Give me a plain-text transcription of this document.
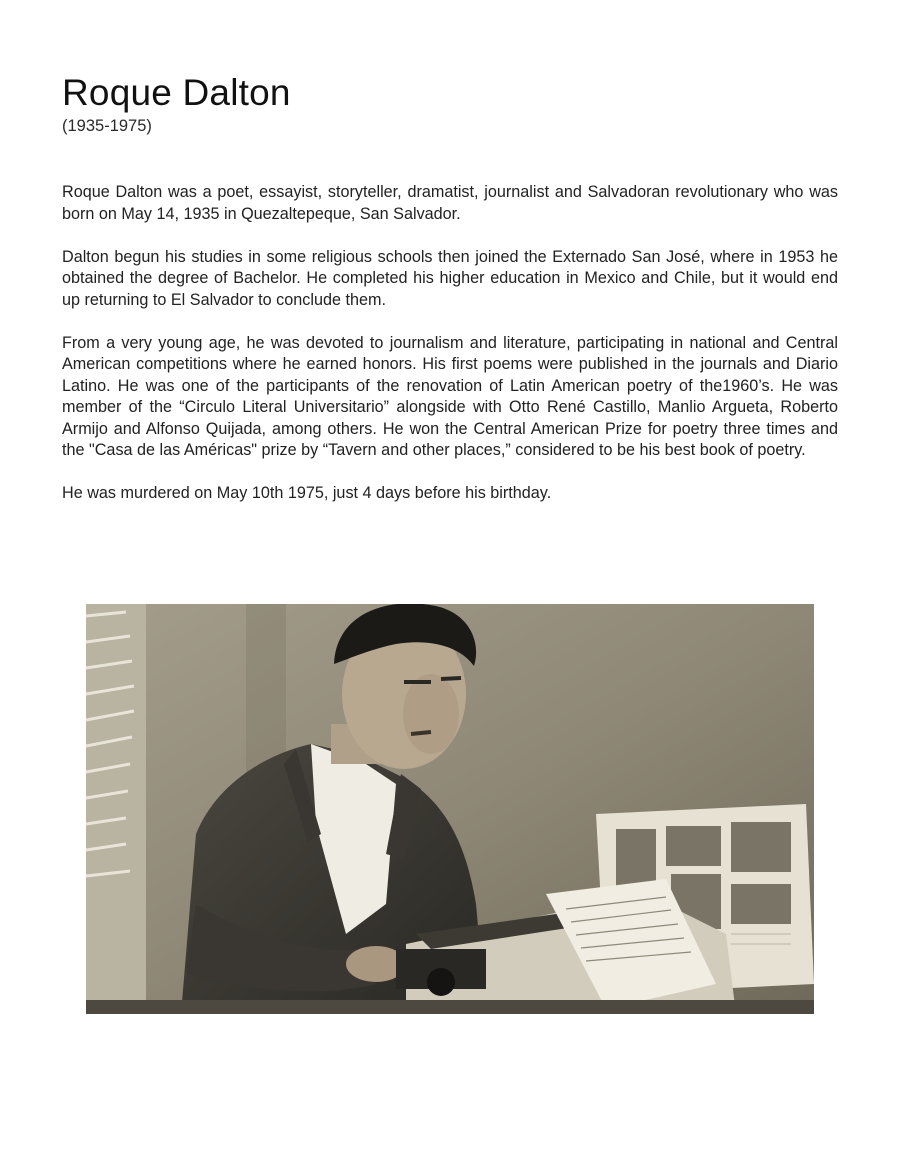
Roque Dalton

(1935-1975)

Roque Dalton was a poet, essayist, storyteller, dramatist, journalist and Salvadoran revolutionary who was born on May 14, 1935 in Quezaltepeque, San Salvador.

Dalton begun his studies in some religious schools then joined the Externado San José, where in 1953 he obtained the degree of Bachelor. He completed his higher education in Mexico and Chile, but it would end up returning to El Salvador to conclude them.

From a very young age, he was devoted to journalism and literature, participating in national and Central American competitions where he earned honors. His first poems were published in the journals and Diario Latino. He was one of the participants of the renovation of Latin American poetry of the1960’s. He was member of the “Circulo Literal Universitario” alongside with Otto René Castillo, Manlio Argueta, Roberto Armijo and Alfonso Quijada, among others. He won the Central American Prize for poetry three times and the "Casa de las Américas" prize by “Tavern and other places,” considered to be his best book of poetry.

He was murdered on May 10th 1975, just 4 days before his birthday.
